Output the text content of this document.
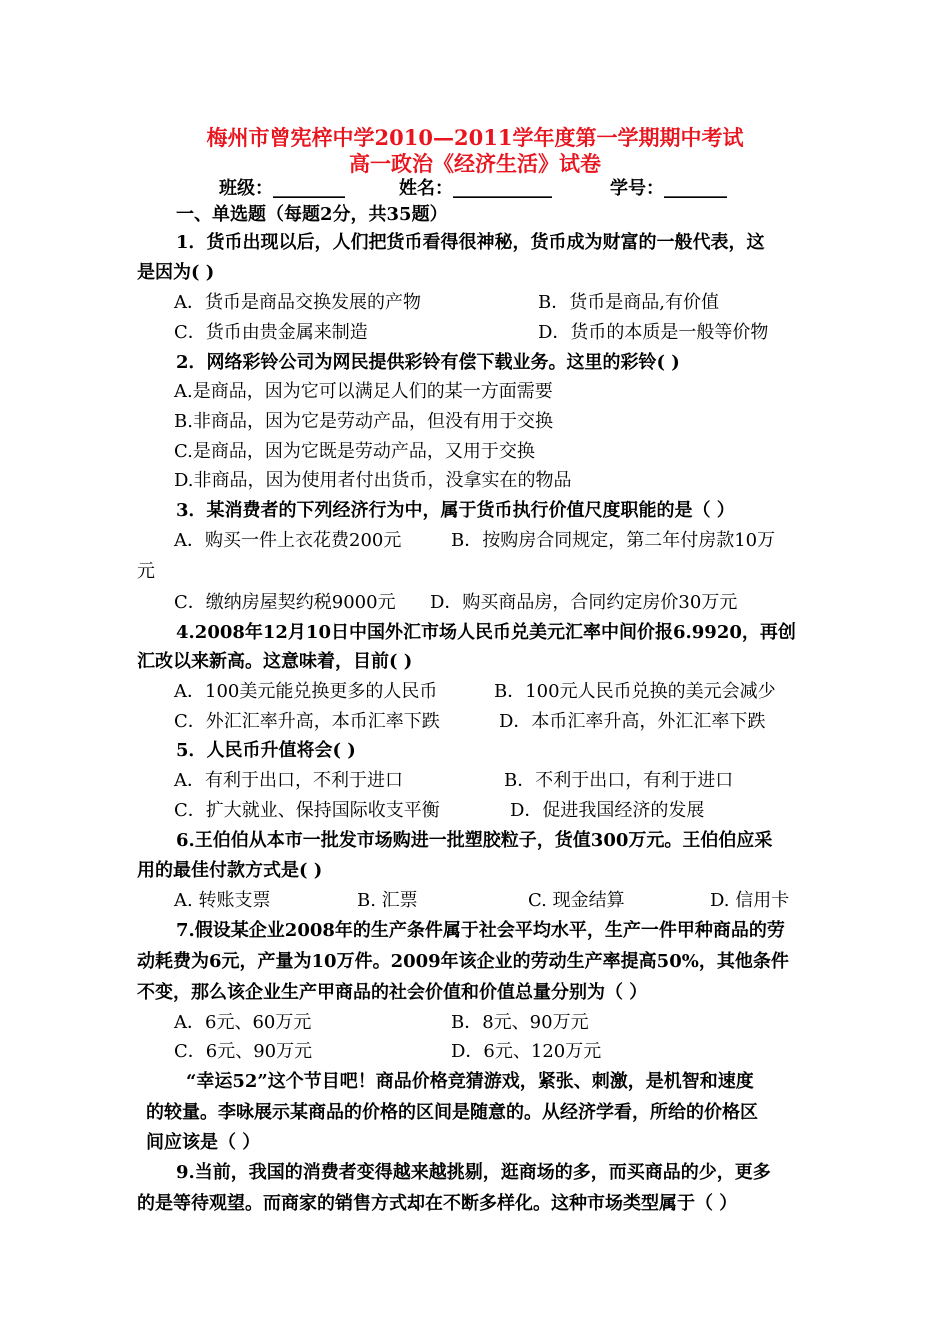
梅州市曾宪梓中学2010—2011学年度第一学期期中考试
高一政治《经济生活》试卷
班级：________	姓名：___________	学号：_______
一、单选题（每题2分，共35题）
1．货币出现以后，人们把货币看得很神秘，货币成为财富的一般代表，这
是因为( )
A．货币是商品交换发展的产物	B．货币是商品,有价值
C．货币由贵金属来制造	D．货币的本质是一般等价物
2．网络彩铃公司为网民提供彩铃有偿下载业务。这里的彩铃( )
A.是商品，因为它可以满足人们的某一方面需要
B.非商品，因为它是劳动产品，但没有用于交换
C.是商品，因为它既是劳动产品，又用于交换
D.非商品，因为使用者付出货币，没拿实在的物品
3．某消费者的下列经济行为中，属于货币执行价值尺度职能的是（ ）
A．购买一件上衣花费200元	B．按购房合同规定，第二年付房款10万
元
C．缴纳房屋契约税9000元 D．购买商品房，合同约定房价30万元
4.2008年12月10日中国外汇市场人民币兑美元汇率中间价报6.9920，再创
汇改以来新高。这意味着，目前( )
A．100美元能兑换更多的人民币	B．100元人民币兑换的美元会减少
C．外汇汇率升高，本币汇率下跌	D．本币汇率升高，外汇汇率下跌
5．人民币升值将会( )
A．有利于出口，不利于进口	B．不利于出口，有利于进口
C．扩大就业、保持国际收支平衡	D．促进我国经济的发展
6.王伯伯从本市一批发市场购进一批塑胶粒子，货值300万元。王伯伯应采
用的最佳付款方式是( )
A. 转账支票	B. 汇票	C. 现金结算	D. 信用卡
7.假设某企业2008年的生产条件属于社会平均水平，生产一件甲种商品的劳
动耗费为6元，产量为10万件。2009年该企业的劳动生产率提高50%，其他条件
不变，那么该企业生产甲商品的社会价值和价值总量分别为（ ）
A．6元、60万元	B．8元、90万元
C．6元、90万元	D．6元、120万元
“幸运52”这个节目吧！商品价格竞猜游戏，紧张、刺激，是机智和速度
的较量。李咏展示某商品的价格的区间是随意的。从经济学看，所给的价格区
间应该是（ ）
9.当前，我国的消费者变得越来越挑剔，逛商场的多，而买商品的少，更多
的是等待观望。而商家的销售方式却在不断多样化。这种市场类型属于（ ）
